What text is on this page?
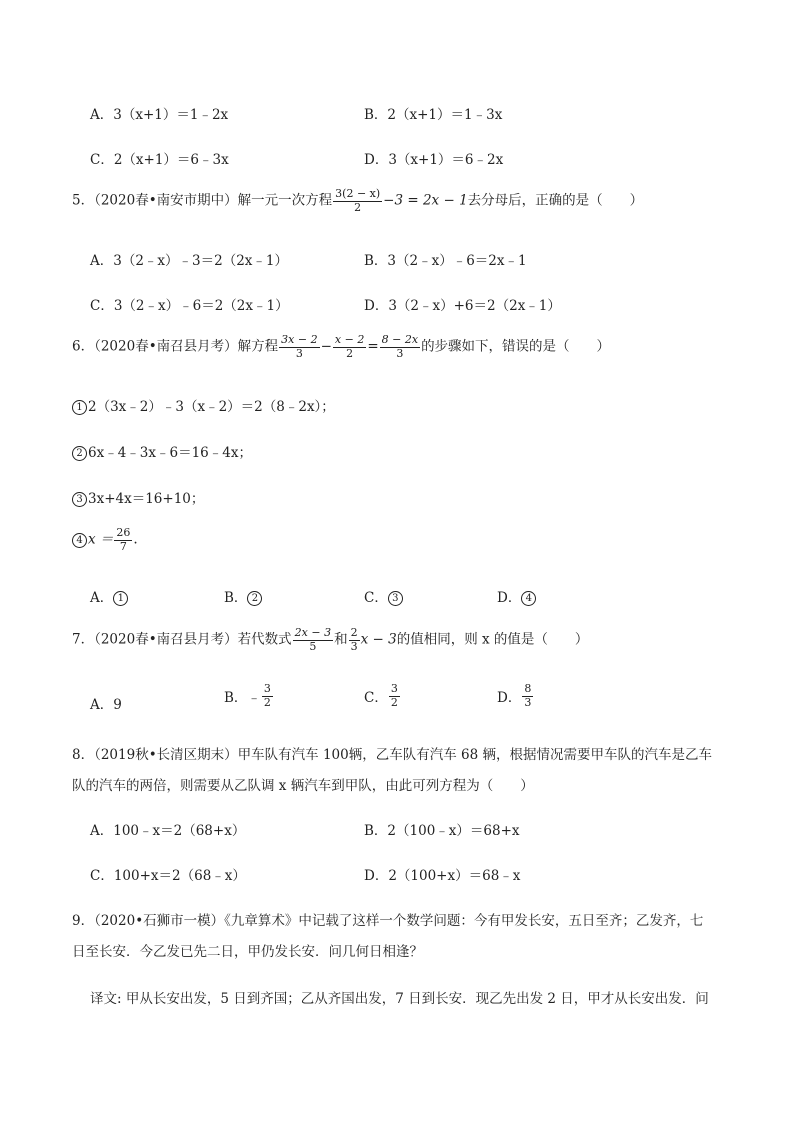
A．3（x+1）＝1﹣2x	B．2（x+1）＝1﹣3x
C．2（x+1）＝6﹣3x	D．3（x+1）＝6﹣2x
5．（2020春•南安市期中）解一元一次方程 $\frac{3(2 - x)}{2} -3 = 2x - 1$去分母后，正确的是（　　）
A．3（2﹣x）﹣3＝2（2x﹣1）	B．3（2﹣x）﹣6＝2x﹣1
C．3（2﹣x）﹣6＝2（2x﹣1）	D．3（2﹣x）+6＝2（2x﹣1）
6．（2020春•南召县月考）解方程 $\frac{3x - 2}{3} - \frac{x - 2}{2} = \frac{8 - 2x}{3}$ 的步骤如下，错误的是（　　）
1 2（3x﹣2）﹣3（x﹣2）＝2（8﹣2x）；
2 6x﹣4﹣3x﹣6＝16﹣4x；
3 3x+4x＝16+10；
4 $x = \frac{26}{7}$ .
A． 1	B． 2	C． 3	D． 4
7．（2020春•南召县月考）若代数式 $\frac{2x - 3}{5}$ 和 $\frac{2}{3}$ x − 3的值相同，则 x 的值是（　　）
A．9	B．﹣ $\frac{3}{2}$	C． $\frac{3}{2}$	D． $\frac{8}{3}$
8．（2019秋•长清区期末）甲车队有汽车 100辆，乙车队有汽车 68 辆，根据情况需要甲车队的汽车是乙车
队的汽车的两倍，则需要从乙队调 x 辆汽车到甲队，由此可列方程为（　　）
A．100﹣x＝2（68+x）	B．2（100﹣x）＝68+x
C．100+x＝2（68﹣x）	D．2（100+x）＝68﹣x
9．（2020•石狮市一模）《九章算术》中记载了这样一个数学问题：今有甲发长安，五日至齐；乙发齐，七
日至长安．今乙发已先二日，甲仍发长安．问几何日相逢？
译文: 甲从长安出发，5 日到齐国；乙从齐国出发，7 日到长安．现乙先出发 2 日，甲才从长安出发．问
